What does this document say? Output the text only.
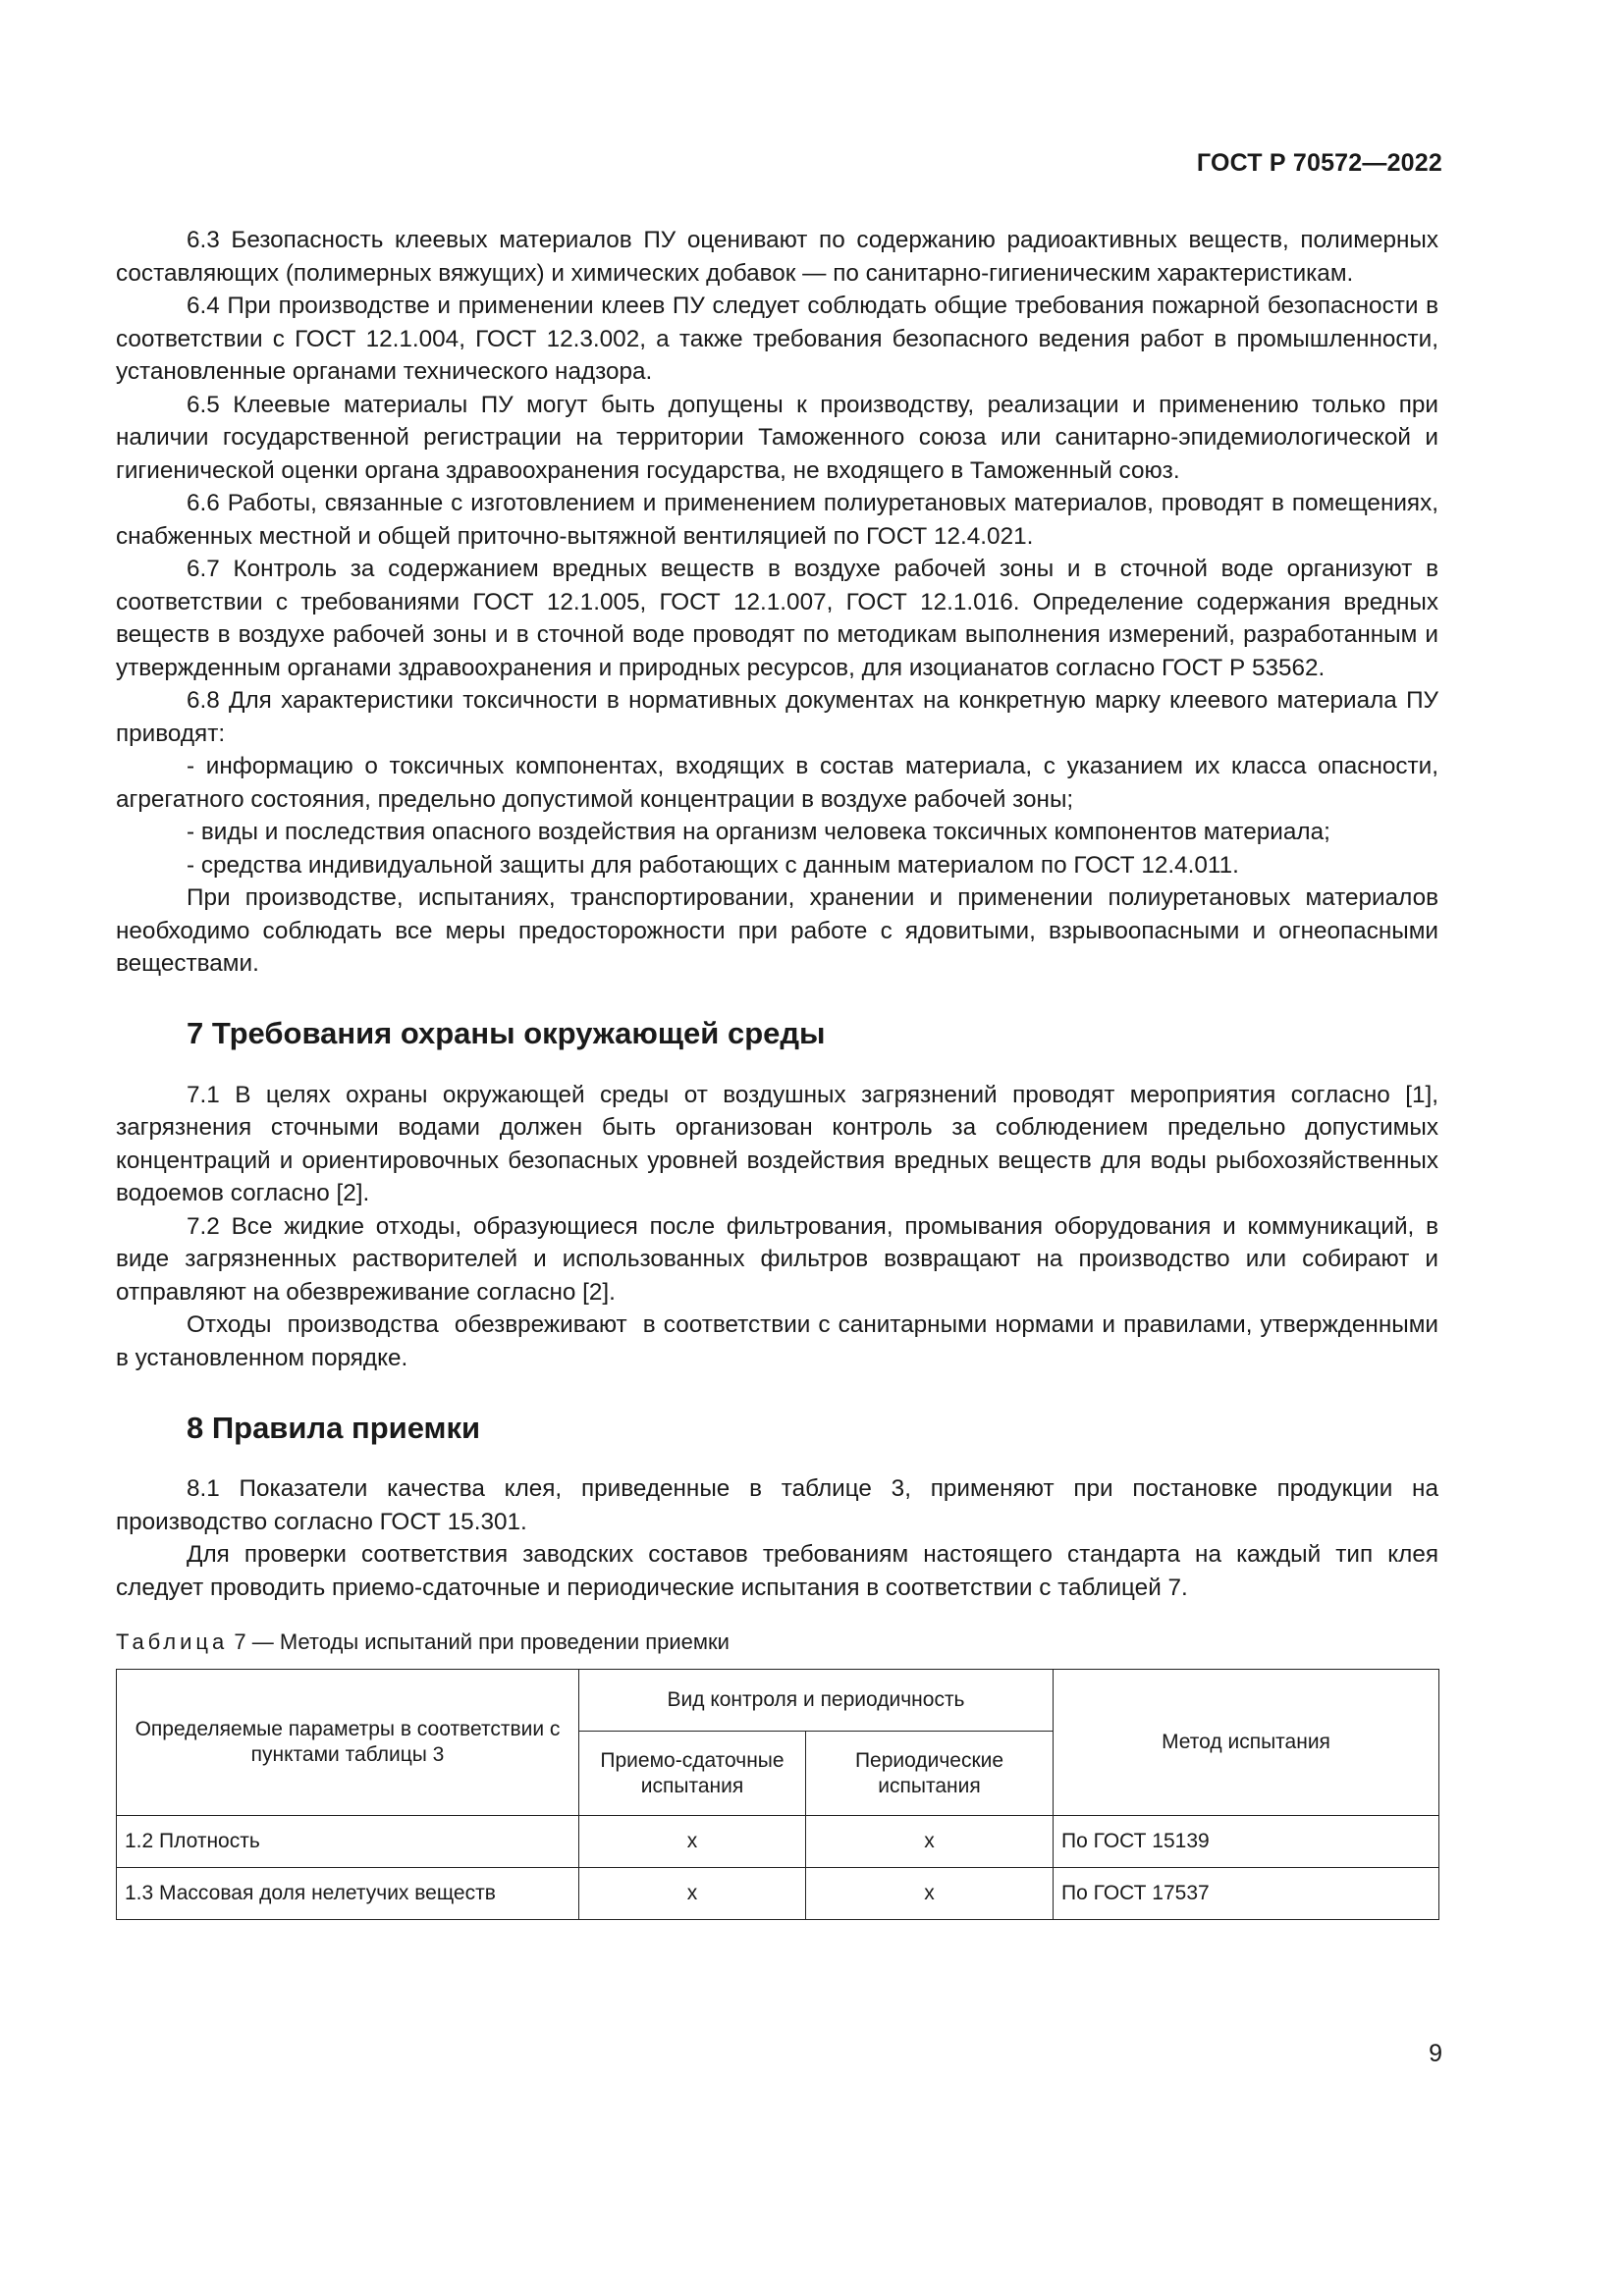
ГОСТ Р 70572—2022

6.3 Безопасность клеевых материалов ПУ оценивают по содержанию радиоактивных веществ, полимерных составляющих (полимерных вяжущих) и химических добавок — по санитарно-гигиеническим характеристикам.

6.4 При производстве и применении клеев ПУ следует соблюдать общие требования пожарной безопасности в соответствии с ГОСТ 12.1.004, ГОСТ 12.3.002, а также требования безопасного ведения работ в промышленности, установленные органами технического надзора.

6.5 Клеевые материалы ПУ могут быть допущены к производству, реализации и применению только при наличии государственной регистрации на территории Таможенного союза или санитарно-эпидемиологической и гигиенической оценки органа здравоохранения государства, не входящего в Таможенный союз.

6.6 Работы, связанные с изготовлением и применением полиуретановых материалов, проводят в помещениях, снабженных местной и общей приточно-вытяжной вентиляцией по ГОСТ 12.4.021.

6.7 Контроль за содержанием вредных веществ в воздухе рабочей зоны и в сточной воде организуют в соответствии с требованиями ГОСТ 12.1.005, ГОСТ 12.1.007, ГОСТ 12.1.016. Определение содержания вредных веществ в воздухе рабочей зоны и в сточной воде проводят по методикам выполнения измерений, разработанным и утвержденным органами здравоохранения и природных ресурсов, для изоцианатов согласно ГОСТ Р 53562.

6.8 Для характеристики токсичности в нормативных документах на конкретную марку клеевого материала ПУ приводят:

- информацию о токсичных компонентах, входящих в состав материала, с указанием их класса опасности, агрегатного состояния, предельно допустимой концентрации в воздухе рабочей зоны;

- виды и последствия опасного воздействия на организм человека токсичных компонентов материала;

- средства индивидуальной защиты для работающих с данным материалом по ГОСТ 12.4.011.

При производстве, испытаниях, транспортировании, хранении и применении полиуретановых материалов необходимо соблюдать все меры предосторожности при работе с ядовитыми, взрывоопасными и огнеопасными веществами.

7 Требования охраны окружающей среды

7.1 В целях охраны окружающей среды от воздушных загрязнений проводят мероприятия согласно [1], загрязнения сточными водами должен быть организован контроль за соблюдением предельно допустимых концентраций и ориентировочных безопасных уровней воздействия вредных веществ для воды рыбохозяйственных водоемов согласно [2].

7.2 Все жидкие отходы, образующиеся после фильтрования, промывания оборудования и коммуникаций, в виде загрязненных растворителей и использованных фильтров возвращают на производство или собирают и отправляют на обезвреживание согласно [2].

Отходы  производства  обезвреживают  в соответствии с санитарными нормами и правилами, утвержденными в установленном порядке.

8 Правила приемки

8.1 Показатели качества клея, приведенные в таблице 3, применяют при постановке продукции на производство согласно ГОСТ 15.301.

Для проверки соответствия заводских составов требованиям настоящего стандарта на каждый тип клея следует проводить приемо-сдаточные и периодические испытания в соответствии с таблицей 7.

Таблица 7 — Методы испытаний при проведении приемки
Определяемые параметры в соответствии с пунктами таблицы 3	Вид контроля и периодичность		Метод испытания
	Приемо-сдаточные испытания	Периодические испытания	
1.2 Плотность	х	х	По ГОСТ 15139
1.3 Массовая доля нелетучих веществ	х	х	По ГОСТ 17537
9
